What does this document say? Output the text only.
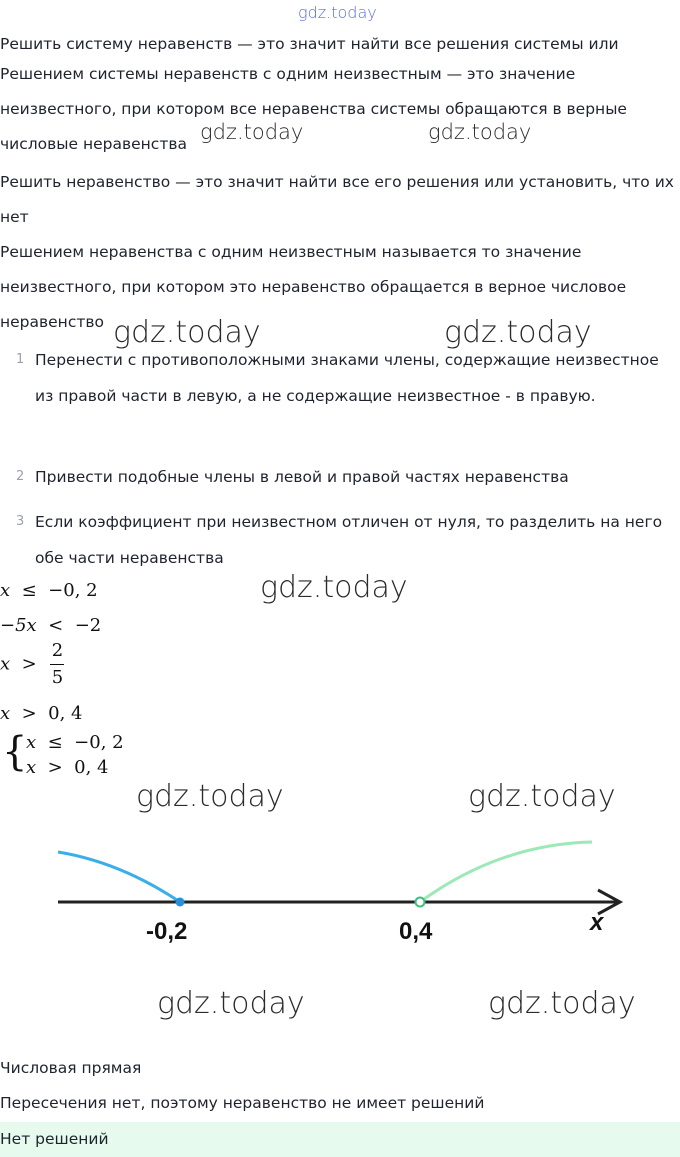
gdz.today
Решить систему неравенств — это значит найти все решения системы или
Решением системы неравенств с одним неизвестным — это значение неизвестного, при котором все неравенства системы обращаются в верные числовые неравенства
Решить неравенство — это значит найти все его решения или установить, что их нет
Решением неравенства с одним неизвестным называется то значение неизвестного, при котором это неравенство обращается в верное числовое неравенство
gdz.today	gdz.today
gdz.today	gdz.today
1 Перенести с противоположными знаками члены, содержащие неизвестное из правой части в левую, а не содержащие неизвестное - в правую.
2 Привести подобные члены в левой и правой частях неравенства
3 Если коэффициент при неизвестном отличен от нуля, то разделить на него обе части неравенства
x ≤ −0, 2	gdz.today
−5x < −2
$x > \frac{2}{5}$
x > 0, 4
{
x ≤ −0, 2
x > 0, 4
gdz.today	gdz.today
-0,2	0,4	x
gdz.today	gdz.today
Числовая прямая
Пересечения нет, поэтому неравенство не имеет решений
Нет решений
